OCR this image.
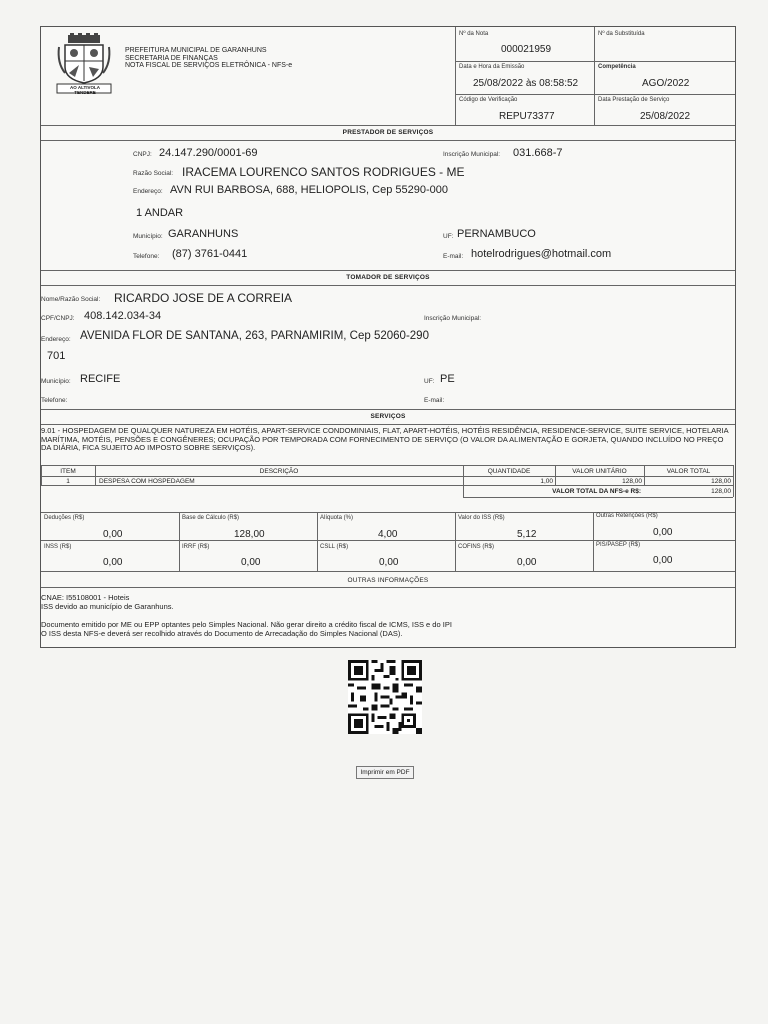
AO ALTIVOLA TENDERE
PREFEITURA MUNICIPAL DE GARANHUNS
SECRETARIA DE FINANÇAS
NOTA FISCAL DE SERVIÇOS ELETRÔNICA - NFS-e
Nº da Nota
000021959
Nº da Substituída
Data e Hora da Emissão
25/08/2022 às 08:58:52
Competência
AGO/2022
Código de Verificação
REPU73377
Data Prestação de Serviço
25/08/2022
PRESTADOR DE SERVIÇOS
CNPJ: 24.147.290/0001-69	Inscrição Municipal: 031.668-7
Razão Social: IRACEMA LOURENCO SANTOS RODRIGUES - ME
Endereço: AVN RUI BARBOSA, 688, HELIOPOLIS, Cep 55290-000
1 ANDAR
Município: GARANHUNS	UF: PERNAMBUCO
Telefone: (87) 3761-0441	E-mail: hotelrodrigues@hotmail.com
TOMADOR DE SERVIÇOS
Nome/Razão Social: RICARDO JOSE DE A CORREIA
CPF/CNPJ: 408.142.034-34	Inscrição Municipal:
Endereço: AVENIDA FLOR DE SANTANA, 263, PARNAMIRIM, Cep 52060-290
701
Município: RECIFE	UF: PE
Telefone:	E-mail:
SERVIÇOS
9.01 - HOSPEDAGEM DE QUALQUER NATUREZA EM HOTÉIS, APART-SERVICE CONDOMINIAIS, FLAT, APART-HOTÉIS, HOTÉIS RESIDÊNCIA, RESIDENCE-SERVICE, SUITE SERVICE, HOTELARIA MARÍTIMA, MOTÉIS, PENSÕES E CONGÊNERES; OCUPAÇÃO POR TEMPORADA COM FORNECIMENTO DE SERVIÇO (O VALOR DA ALIMENTAÇÃO E GORJETA, QUANDO INCLUÍDO NO PREÇO DA DIÁRIA, FICA SUJEITO AO IMPOSTO SOBRE SERVIÇOS).
ITEM	DESCRIÇÃO	QUANTIDADE	VALOR UNITÁRIO	VALOR TOTAL
1	DESPESA COM HOSPEDAGEM	1,00	128,00	128,00
VALOR TOTAL DA NFS-e R$:	128,00
Deduções (R$)
0,00
Base de Cálculo (R$)
128,00
Alíquota (%)
4,00
Valor do ISS (R$)
5,12
Outras Retenções (R$)
0,00
INSS (R$)
0,00
IRRF (R$)
0,00
CSLL (R$)
0,00
COFINS (R$)
0,00
PIS/PASEP (R$)
0,00
OUTRAS INFORMAÇÕES
CNAE: I55108001 - Hoteis
ISS devido ao município de Garanhuns.
Documento emitido por ME ou EPP optantes pelo Simples Nacional. Não gerar direito a crédito fiscal de ICMS, ISS e do IPI
O ISS desta NFS-e deverá ser recolhido através do Documento de Arrecadação do Simples Nacional (DAS).
Imprimir em PDF
